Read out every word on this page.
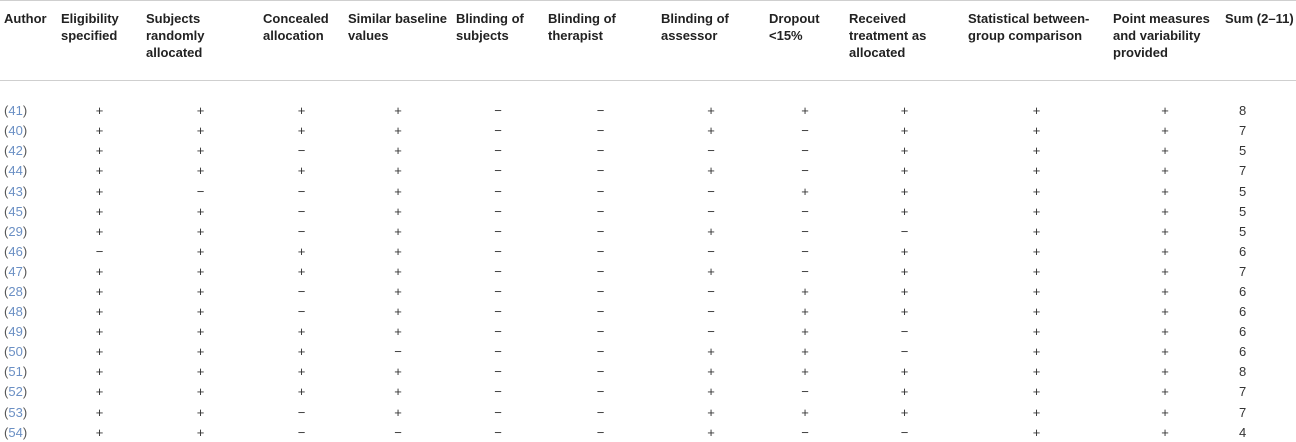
Author	Eligibility specified	Subjects randomly allocated	Concealed allocation	Similar baseline values	Blinding of subjects	Blinding of therapist	Blinding of assessor	Dropout <15%	Received treatment as allocated	Statistical between- group comparison	Point measures and variability provided	Sum (2–11)

(41)	+	+	+	+	−	−	+	+	+	+	+	8
(40)	+	+	+	+	−	−	+	−	+	+	+	7
(42)	+	+	−	+	−	−	−	−	+	+	+	5
(44)	+	+	+	+	−	−	+	−	+	+	+	7
(43)	+	−	−	+	−	−	−	+	+	+	+	5
(45)	+	+	−	+	−	−	−	−	+	+	+	5
(29)	+	+	−	+	−	−	+	−	−	+	+	5
(46)	−	+	+	+	−	−	−	−	+	+	+	6
(47)	+	+	+	+	−	−	+	−	+	+	+	7
(28)	+	+	−	+	−	−	−	+	+	+	+	6
(48)	+	+	−	+	−	−	−	+	+	+	+	6
(49)	+	+	+	+	−	−	−	+	−	+	+	6
(50)	+	+	+	−	−	−	+	+	−	+	+	6
(51)	+	+	+	+	−	−	+	+	+	+	+	8
(52)	+	+	+	+	−	−	+	−	+	+	+	7
(53)	+	+	−	+	−	−	+	+	+	+	+	7
(54)	+	+	−	−	−	−	+	−	−	+	+	4
